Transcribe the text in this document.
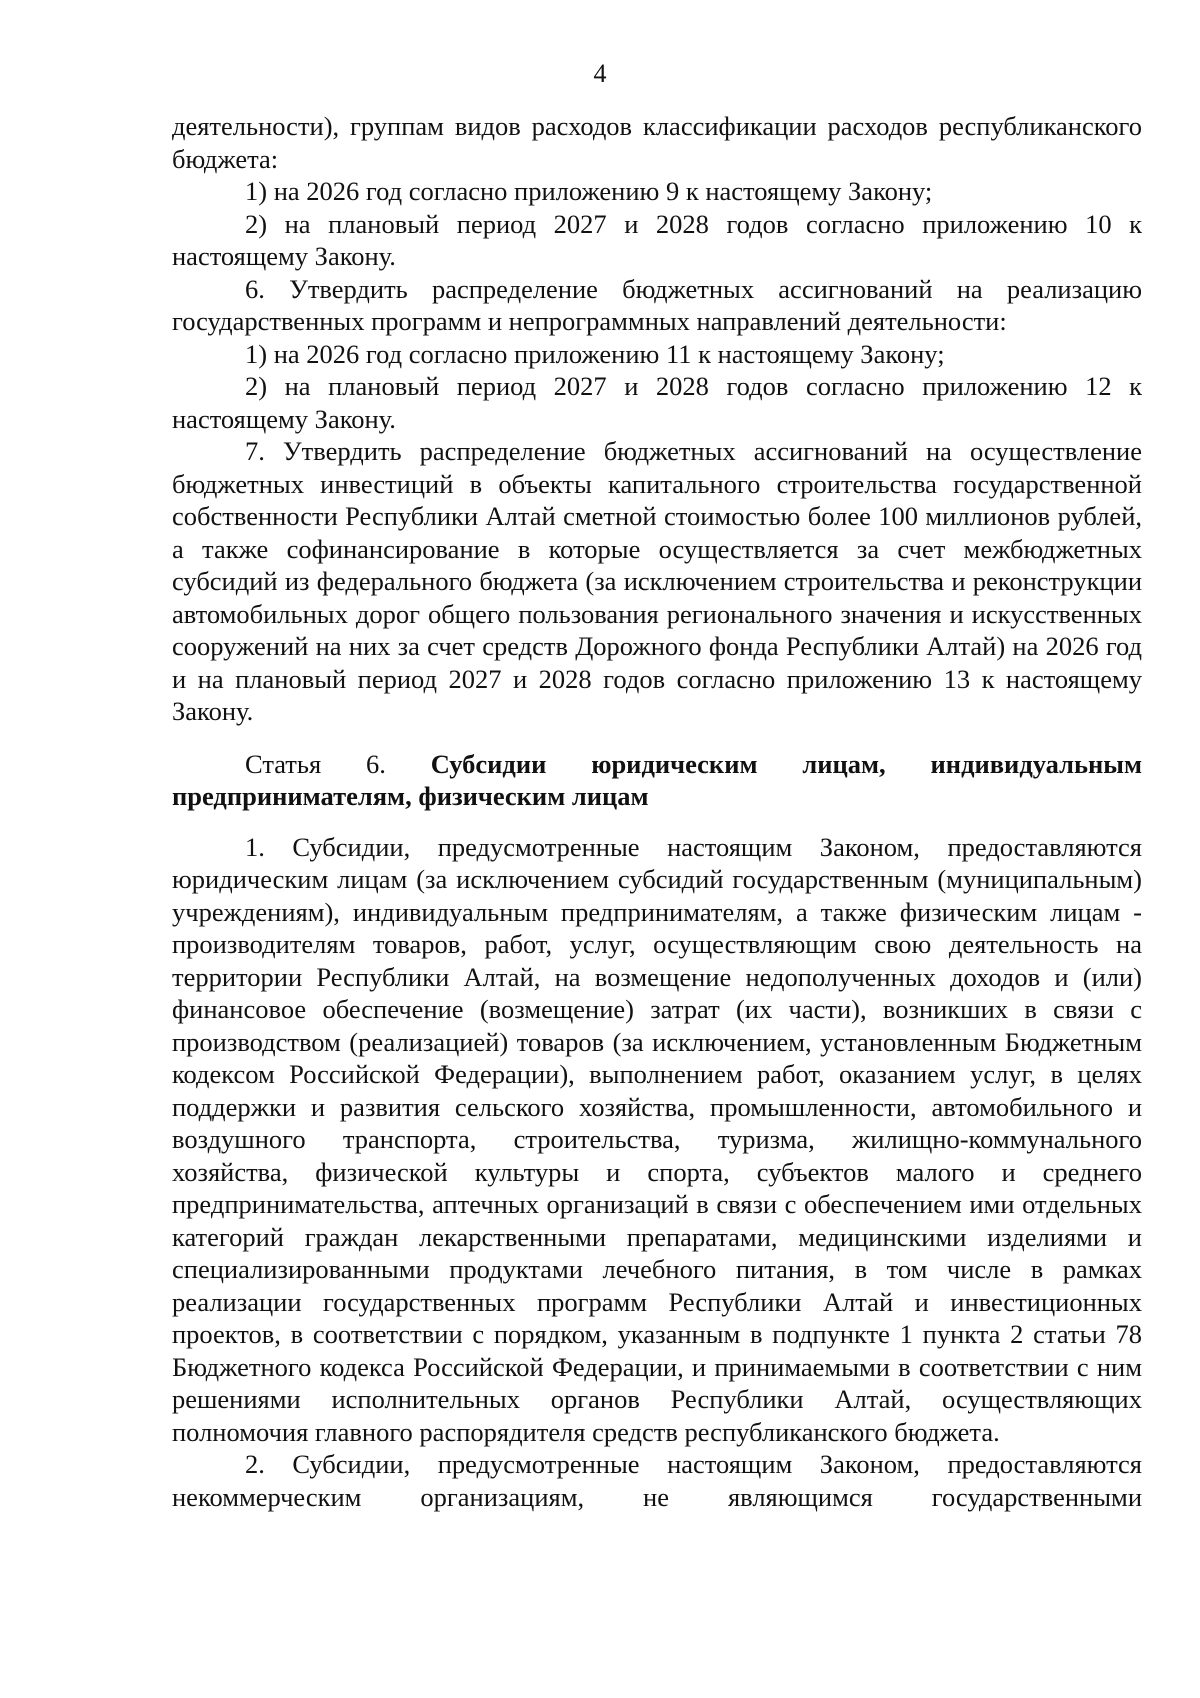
4

деятельности), группам видов расходов классификации расходов республиканского бюджета:

1) на 2026 год согласно приложению 9 к настоящему Закону;

2) на плановый период 2027 и 2028 годов согласно приложению 10 к настоящему Закону.

6. Утвердить распределение бюджетных ассигнований на реализацию государственных программ и непрограммных направлений деятельности:

1) на 2026 год согласно приложению 11 к настоящему Закону;

2) на плановый период 2027 и 2028 годов согласно приложению 12 к настоящему Закону.

7. Утвердить распределение бюджетных ассигнований на осуществление бюджетных инвестиций в объекты капитального строительства государственной собственности Республики Алтай сметной стоимостью более 100 миллионов рублей, а также софинансирование в которые осуществляется за счет межбюджетных субсидий из федерального бюджета (за исключением строительства и реконструкции автомобильных дорог общего пользования регионального значения и искусственных сооружений на них за счет средств Дорожного фонда Республики Алтай) на 2026 год и на плановый период 2027 и 2028 годов согласно приложению 13 к настоящему Закону.

Статья 6. Субсидии юридическим лицам, индивидуальным предпринимателям, физическим лицам

1. Субсидии, предусмотренные настоящим Законом, предоставляются юридическим лицам (за исключением субсидий государственным (муниципальным) учреждениям), индивидуальным предпринимателям, а также физическим лицам - производителям товаров, работ, услуг, осуществляющим свою деятельность на территории Республики Алтай, на возмещение недополученных доходов и (или) финансовое обеспечение (возмещение) затрат (их части), возникших в связи с производством (реализацией) товаров (за исключением, установленным Бюджетным кодексом Российской Федерации), выполнением работ, оказанием услуг, в целях поддержки и развития сельского хозяйства, промышленности, автомобильного и воздушного транспорта, строительства, туризма, жилищно-коммунального хозяйства, физической культуры и спорта, субъектов малого и среднего предпринимательства, аптечных организаций в связи с обеспечением ими отдельных категорий граждан лекарственными препаратами, медицинскими изделиями и специализированными продуктами лечебного питания, в том числе в рамках реализации государственных программ Республики Алтай и инвестиционных проектов, в соответствии с порядком, указанным в подпункте 1 пункта 2 статьи 78 Бюджетного кодекса Российской Федерации, и принимаемыми в соответствии с ним решениями исполнительных органов Республики Алтай, осуществляющих полномочия главного распорядителя средств республиканского бюджета.

2. Субсидии, предусмотренные настоящим Законом, предоставляются некоммерческим организациям, не являющимся государственными
